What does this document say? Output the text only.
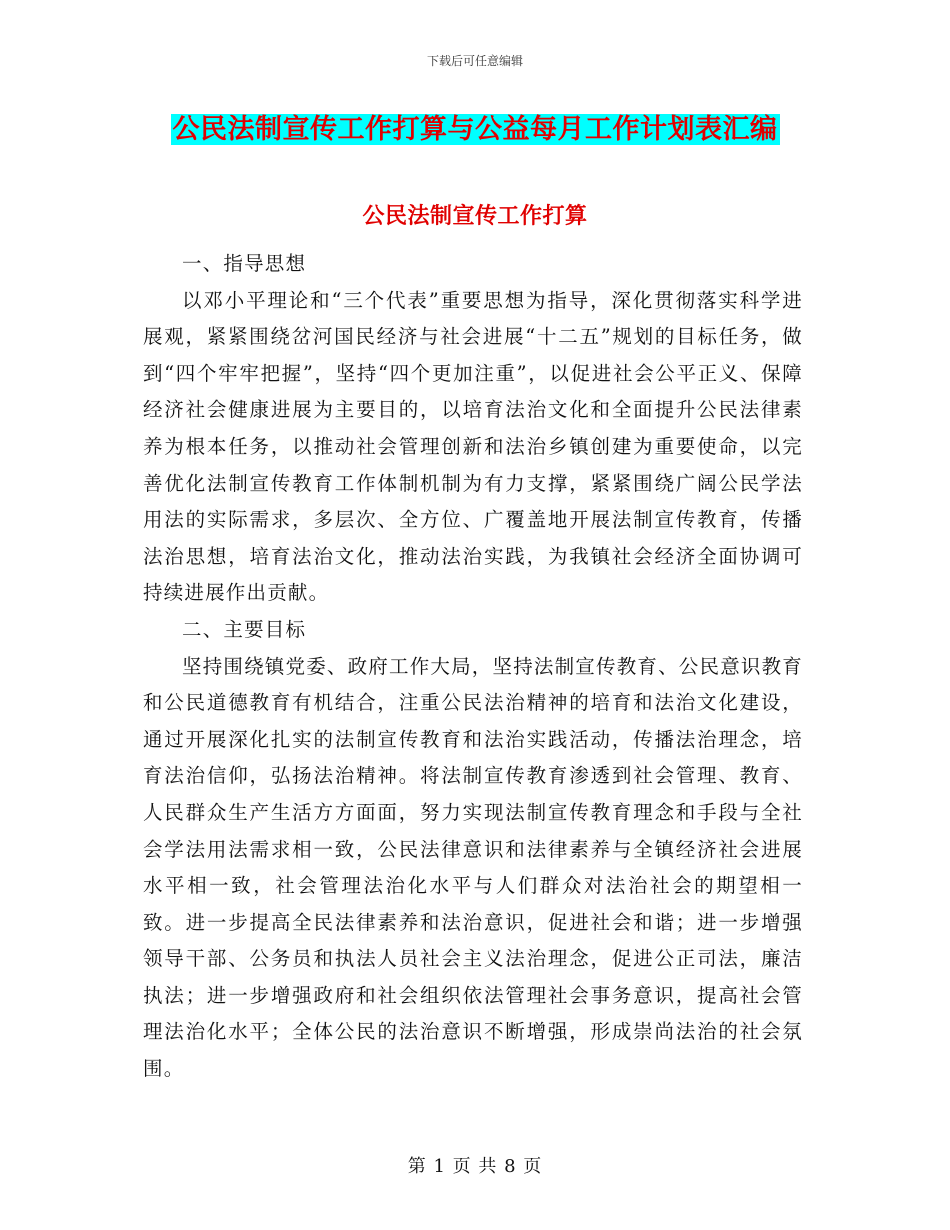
下载后可任意编辑
公民法制宣传工作打算与公益每月工作计划表汇编
公民法制宣传工作打算

一、指导思想

以邓小平理论和“三个代表”重要思想为指导，深化贯彻落实科学进展观，紧紧围绕岔河国民经济与社会进展“十二五”规划的目标任务，做到“四个牢牢把握”，坚持“四个更加注重”，以促进社会公平正义、保障经济社会健康进展为主要目的，以培育法治文化和全面提升公民法律素养为根本任务，以推动社会管理创新和法治乡镇创建为重要使命，以完善优化法制宣传教育工作体制机制为有力支撑，紧紧围绕广阔公民学法用法的实际需求，多层次、全方位、广覆盖地开展法制宣传教育，传播法治思想，培育法治文化，推动法治实践，为我镇社会经济全面协调可持续进展作出贡献。

二、主要目标

坚持围绕镇党委、政府工作大局，坚持法制宣传教育、公民意识教育和公民道德教育有机结合，注重公民法治精神的培育和法治文化建设，通过开展深化扎实的法制宣传教育和法治实践活动，传播法治理念，培育法治信仰，弘扬法治精神。将法制宣传教育渗透到社会管理、教育、人民群众生产生活方方面面，努力实现法制宣传教育理念和手段与全社会学法用法需求相一致，公民法律意识和法律素养与全镇经济社会进展水平相一致，社会管理法治化水平与人们群众对法治社会的期望相一致。进一步提高全民法律素养和法治意识，促进社会和谐；进一步增强领导干部、公务员和执法人员社会主义法治理念，促进公正司法，廉洁执法；进一步增强政府和社会组织依法管理社会事务意识，提高社会管理法治化水平；全体公民的法治意识不断增强，形成崇尚法治的社会氛围。

第 1 页 共 8 页
